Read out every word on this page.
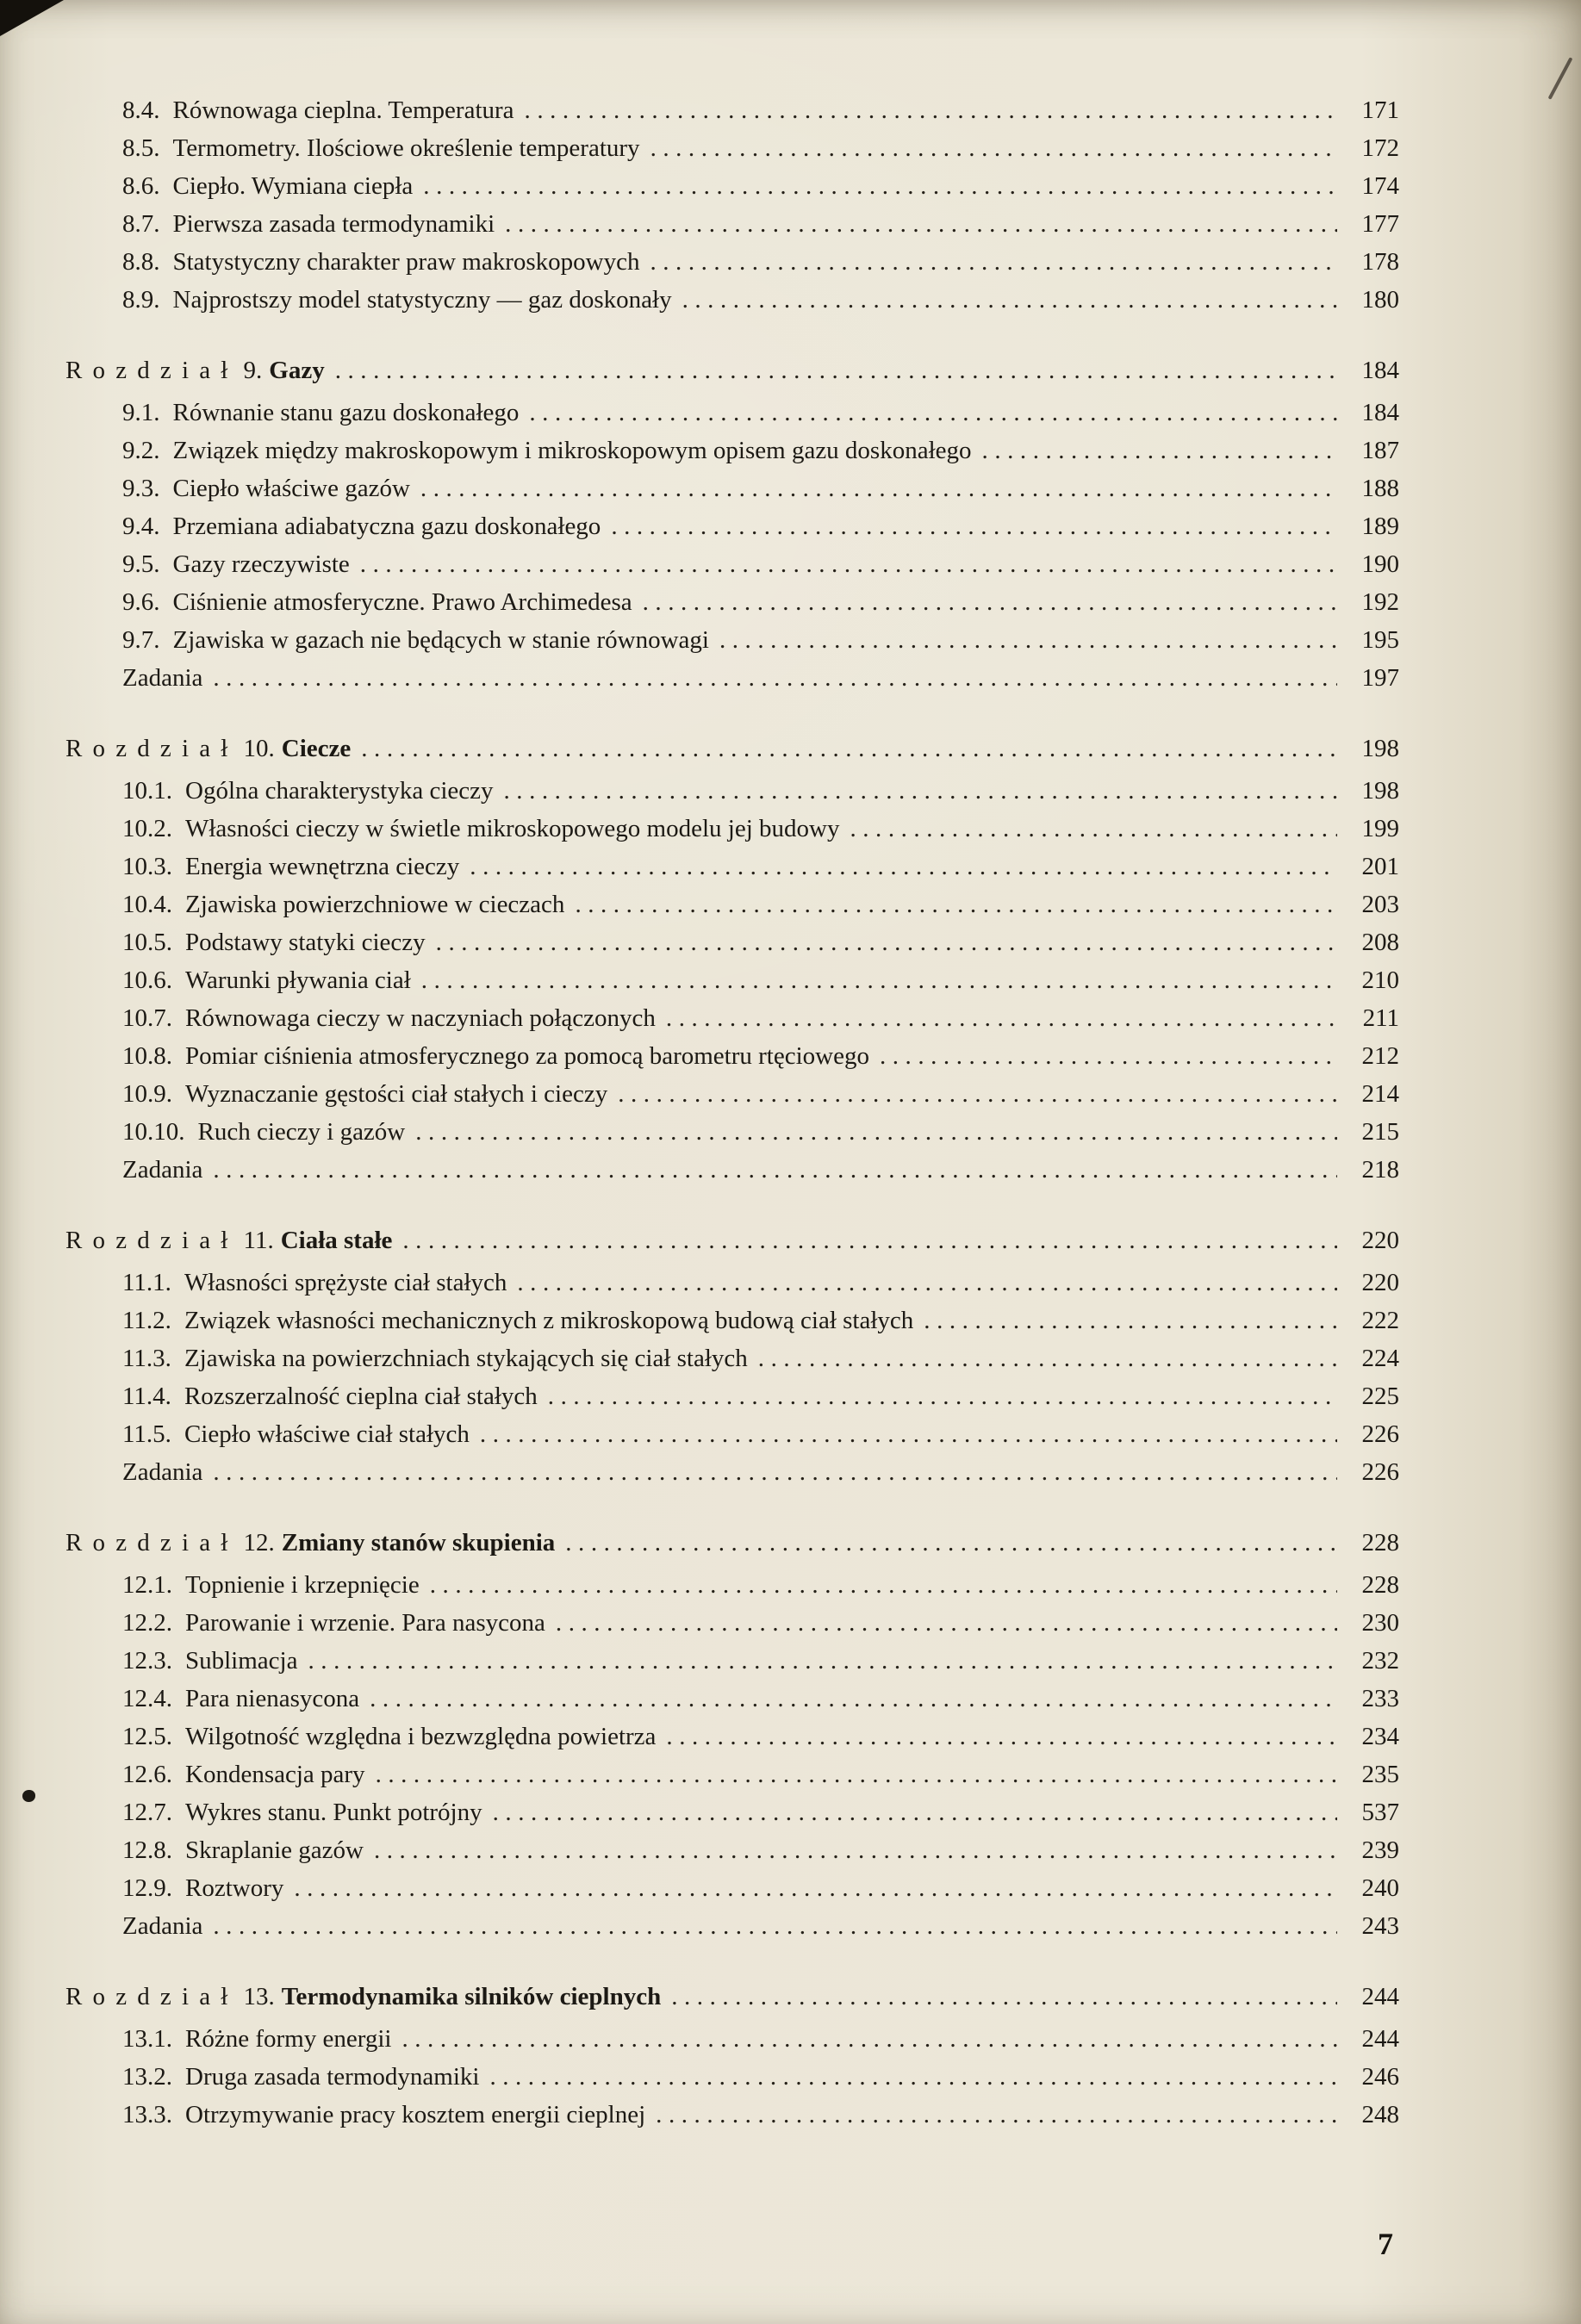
8.4. Równowaga cieplna. Temperatura .....	171
8.5. Termometry. Ilościowe określenie temperatury .....	172
8.6. Ciepło. Wymiana ciepła .....	174
8.7. Pierwsza zasada termodynamiki .....	177
8.8. Statystyczny charakter praw makroskopowych .....	178
8.9. Najprostszy model statystyczny — gaz doskonały .....	180
Rozdział 9. Gazy .....	184
9.1. Równanie stanu gazu doskonałego .....	184
9.2. Związek między makroskopowym i mikroskopowym opisem gazu doskonałego .....	187
9.3. Ciepło właściwe gazów .....	188
9.4. Przemiana adiabatyczna gazu doskonałego .....	189
9.5. Gazy rzeczywiste .....	190
9.6. Ciśnienie atmosferyczne. Prawo Archimedesa .....	192
9.7. Zjawiska w gazach nie będących w stanie równowagi .....	195
Zadania .....	197
Rozdział 10. Ciecze .....	198
10.1. Ogólna charakterystyka cieczy .....	198
10.2. Własności cieczy w świetle mikroskopowego modelu jej budowy .....	199
10.3. Energia wewnętrzna cieczy .....	201
10.4. Zjawiska powierzchniowe w cieczach .....	203
10.5. Podstawy statyki cieczy .....	208
10.6. Warunki pływania ciał .....	210
10.7. Równowaga cieczy w naczyniach połączonych .....	211
10.8. Pomiar ciśnienia atmosferycznego za pomocą barometru rtęciowego .....	212
10.9. Wyznaczanie gęstości ciał stałych i cieczy .....	214
10.10. Ruch cieczy i gazów .....	215
Zadania .....	218
Rozdział 11. Ciała stałe .....	220
11.1. Własności sprężyste ciał stałych .....	220
11.2. Związek własności mechanicznych z mikroskopową budową ciał stałych .....	222
11.3. Zjawiska na powierzchniach stykających się ciał stałych .....	224
11.4. Rozszerzalność cieplna ciał stałych .....	225
11.5. Ciepło właściwe ciał stałych .....	226
Zadania .....	226
Rozdział 12. Zmiany stanów skupienia .....	228
12.1. Topnienie i krzepnięcie .....	228
12.2. Parowanie i wrzenie. Para nasycona .....	230
12.3. Sublimacja .....	232
12.4. Para nienasycona .....	233
12.5. Wilgotność względna i bezwzględna powietrza .....	234
12.6. Kondensacja pary .....	235
12.7. Wykres stanu. Punkt potrójny .....	537
12.8. Skraplanie gazów .....	239
12.9. Roztwory .....	240
Zadania .....	243
Rozdział 13. Termodynamika silników cieplnych .....	244
13.1. Różne formy energii .....	244
13.2. Druga zasada termodynamiki .....	246
13.3. Otrzymywanie pracy kosztem energii cieplnej .....	248
7
